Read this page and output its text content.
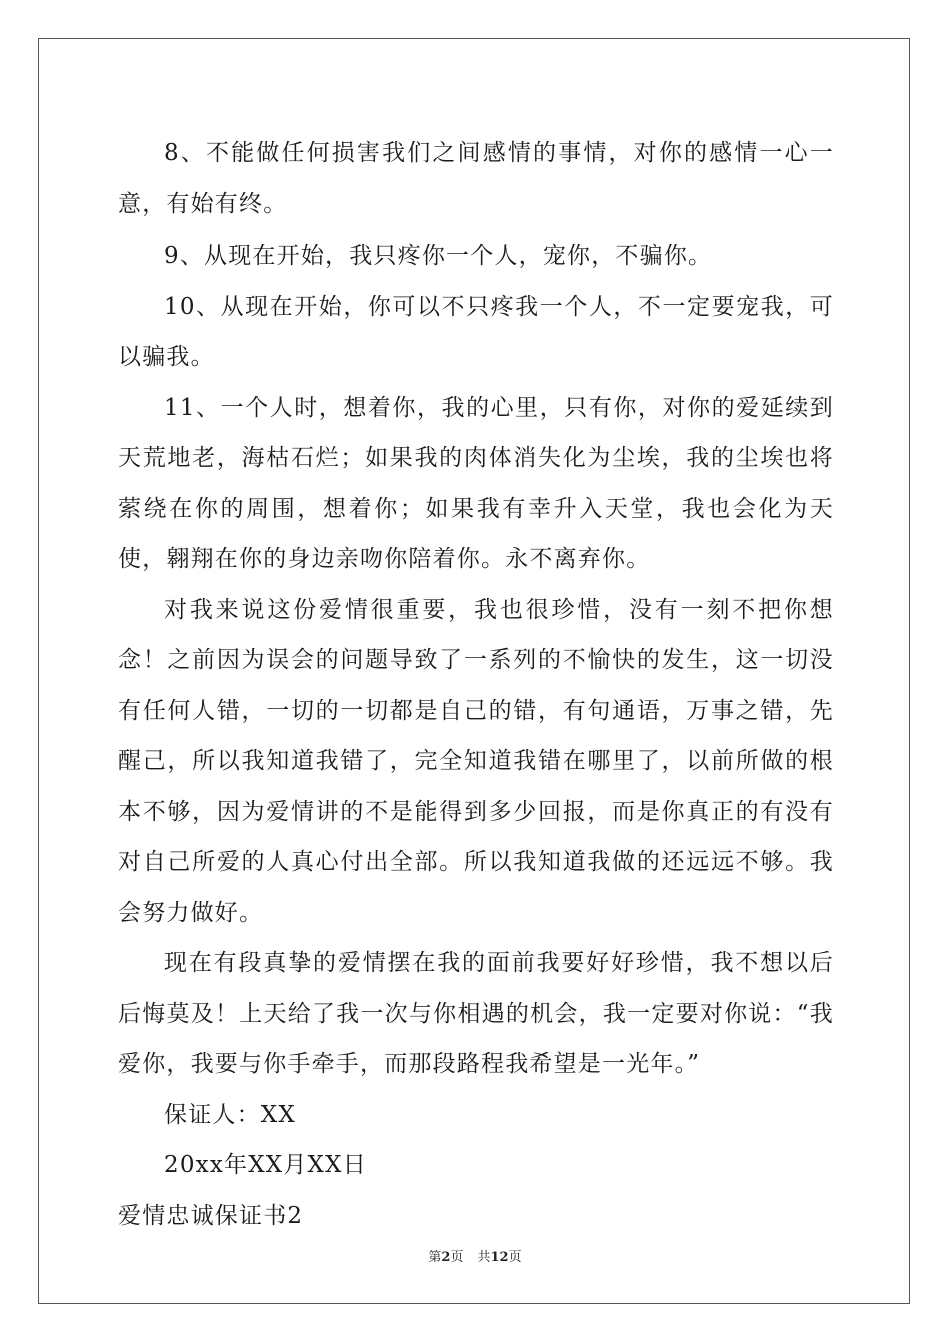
8、不能做任何损害我们之间感情的事情，对你的感情一心一意，有始有终。

9、从现在开始，我只疼你一个人，宠你，不骗你。

10、从现在开始，你可以不只疼我一个人，不一定要宠我，可以骗我。

11、一个人时，想着你，我的心里，只有你，对你的爱延续到天荒地老，海枯石烂；如果我的肉体消失化为尘埃，我的尘埃也将萦绕在你的周围，想着你；如果我有幸升入天堂，我也会化为天使，翱翔在你的身边亲吻你陪着你。永不离弃你。

对我来说这份爱情很重要，我也很珍惜，没有一刻不把你想念！之前因为误会的问题导致了一系列的不愉快的发生，这一切没有任何人错，一切的一切都是自己的错，有句通语，万事之错，先醒己，所以我知道我错了，完全知道我错在哪里了，以前所做的根本不够，因为爱情讲的不是能得到多少回报，而是你真正的有没有对自己所爱的人真心付出全部。所以我知道我做的还远远不够。我会努力做好。

现在有段真挚的爱情摆在我的面前我要好好珍惜，我不想以后后悔莫及！上天给了我一次与你相遇的机会，我一定要对你说：“我爱你，我要与你手牵手，而那段路程我希望是一光年。”

保证人：XX

20xx年XX月XX日

爱情忠诚保证书2

第2页 共12页
